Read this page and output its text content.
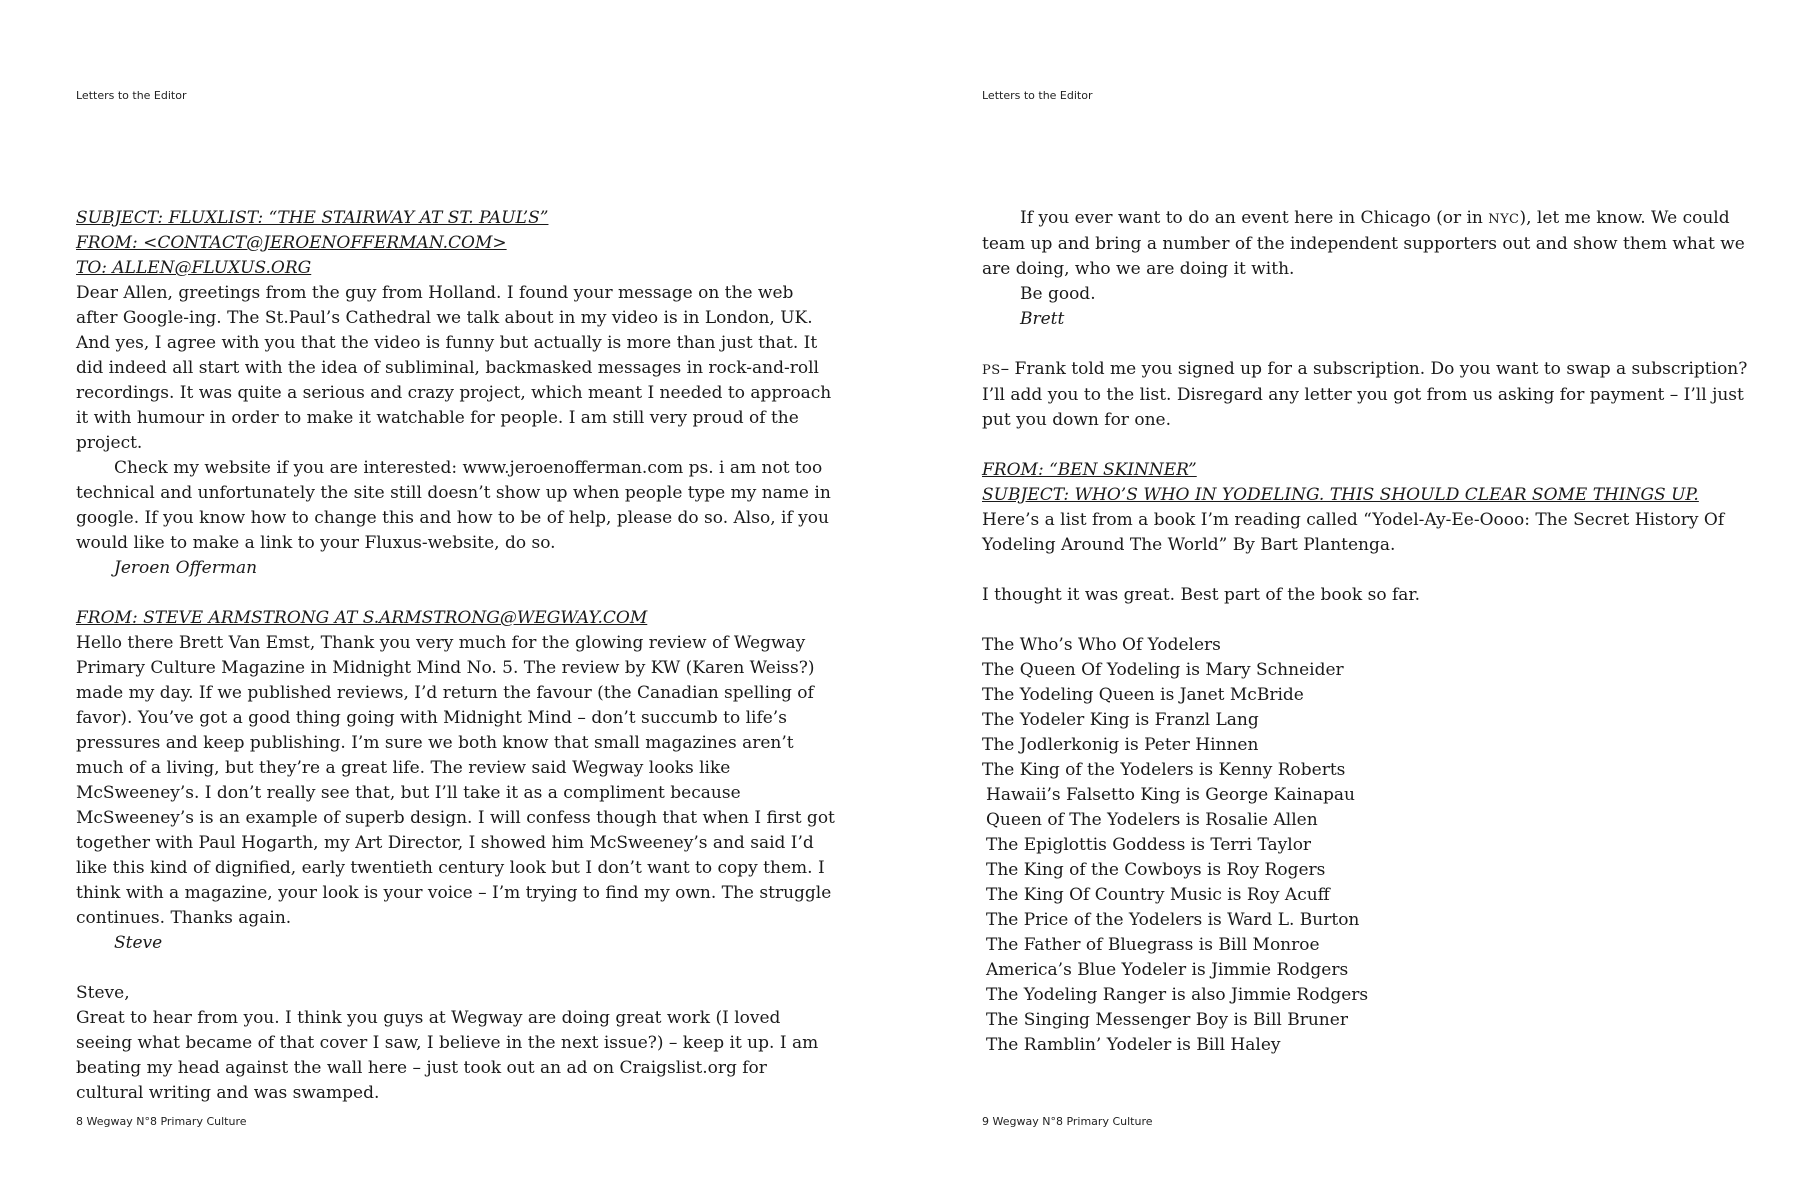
Letters to the Editor

SUBJECT: FLUXLIST: “THE STAIRWAY AT ST. PAUL’S”

FROM: <CONTACT@JEROENOFFERMAN.COM>

TO: ALLEN@FLUXUS.ORG

Dear Allen, greetings from the guy from Holland. I found your message on the web after Google-ing. The St.Paul’s Cathedral we talk about in my video is in London, UK. And yes, I agree with you that the video is funny but actually is more than just that. It did indeed all start with the idea of subliminal, backmasked messages in rock-and-roll recordings. It was quite a serious and crazy project, which meant I needed to approach it with humour in order to make it watchable for people. I am still very proud of the project.

Check my website if you are interested: www.jeroenofferman.com ps. i am not too technical and unfortunately the site still doesn’t show up when people type my name in google. If you know how to change this and how to be of help, please do so. Also, if you would like to make a link to your Fluxus-website, do so.

Jeroen Offerman

FROM: STEVE ARMSTRONG AT S.ARMSTRONG@WEGWAY.COM

Hello there Brett Van Emst, Thank you very much for the glowing review of Wegway Primary Culture Magazine in Midnight Mind No. 5. The review by KW (Karen Weiss?) made my day. If we published reviews, I’d return the favour (the Canadian spelling of favor). You’ve got a good thing going with Midnight Mind – don’t succumb to life’s pressures and keep publishing. I’m sure we both know that small magazines aren’t much of a living, but they’re a great life. The review said Wegway looks like McSweeney’s. I don’t really see that, but I’ll take it as a compliment because McSweeney’s is an example of superb design. I will confess though that when I first got together with Paul Hogarth, my Art Director, I showed him McSweeney’s and said I’d like this kind of dignified, early twentieth century look but I don’t want to copy them. I think with a magazine, your look is your voice – I’m trying to find my own. The struggle continues. Thanks again.

Steve

Steve,

Great to hear from you. I think you guys at Wegway are doing great work (I loved seeing what became of that cover I saw, I believe in the next issue?) – keep it up. I am beating my head against the wall here – just took out an ad on Craigslist.org for cultural writing and was swamped.

8 Wegway N°8 Primary Culture
Letters to the Editor

If you ever want to do an event here in Chicago (or in NYC), let me know. We could team up and bring a number of the independent supporters out and show them what we are doing, who we are doing it with.

Be good.

Brett

PS– Frank told me you signed up for a subscription. Do you want to swap a subscription? I’ll add you to the list. Disregard any letter you got from us asking for payment – I’ll just put you down for one.

FROM: “BEN SKINNER”

SUBJECT: WHO’S WHO IN YODELING. THIS SHOULD CLEAR SOME THINGS UP.

Here’s a list from a book I’m reading called “Yodel-Ay-Ee-Oooo: The Secret History Of Yodeling Around The World” By Bart Plantenga.

I thought it was great. Best part of the book so far.

The Who’s Who Of Yodelers
The Queen Of Yodeling is Mary Schneider
The Yodeling Queen is Janet McBride
The Yodeler King is Franzl Lang
The Jodlerkonig is Peter Hinnen
The King of the Yodelers is Kenny Roberts
Hawaii’s Falsetto King is George Kainapau
Queen of The Yodelers is Rosalie Allen
The Epiglottis Goddess is Terri Taylor
The King of the Cowboys is Roy Rogers
The King Of Country Music is Roy Acuff
The Price of the Yodelers is Ward L. Burton
The Father of Bluegrass is Bill Monroe
America’s Blue Yodeler is Jimmie Rodgers
The Yodeling Ranger is also Jimmie Rodgers
The Singing Messenger Boy is Bill Bruner
The Ramblin’ Yodeler is Bill Haley
9 Wegway N°8 Primary Culture
